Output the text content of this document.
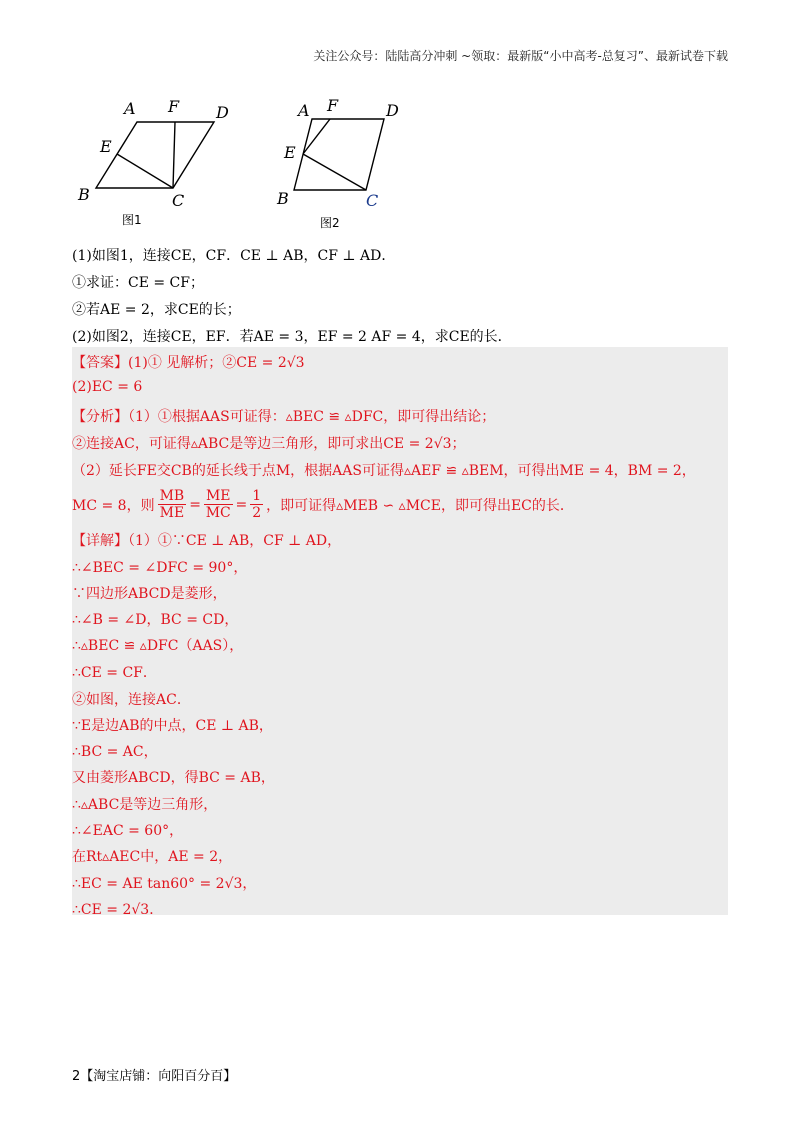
关注公众号：陆陆高分冲刺 ~领取：最新版“小中高考-总复习”、最新试卷下载
A F D
E
B	C
图1
A F	D
E
B	C
图2
(1)如图1，连接CE，CF．CE ⊥ AB，CF ⊥ AD．
①求证：CE = CF；
②若AE = 2，求CE的长；
(2)如图2，连接CE，EF．若AE = 3，EF = 2 AF = 4，求CE的长．
【答案】(1)① 见解析；②CE = 2√3
(2)EC = 6
【分析】（1）①根据AAS可证得：▵BEC ≌ ▵DFC，即可得出结论；
②连接AC，可证得▵ABC是等边三角形，即可求出CE = 2√3；
（2）延长FE交CB的延长线于点M，根据AAS可证得▵AEF ≌ ▵BEM，可得出ME = 4，BM = 2，
MC = 8，则 $\frac{MB}{ME} = \frac{ME}{MC} = \frac{1}{2}$ ，即可证得▵MEB ∽ ▵MCE，即可得出EC的长．
【详解】（1）①∵CE ⊥ AB，CF ⊥ AD，
∴∠BEC = ∠DFC = 90°，
∵四边形ABCD是菱形，
∴∠B = ∠D，BC = CD，
∴▵BEC ≌ ▵DFC（AAS），
∴CE = CF．
②如图，连接AC．
∵E是边AB的中点，CE ⊥ AB，
∴BC = AC，
又由菱形ABCD，得BC = AB，
∴▵ABC是等边三角形，
∴∠EAC = 60°，
在Rt▵AEC中，AE = 2，
∴EC = AE tan60° = 2√3，
∴CE = 2√3．
2【淘宝店铺：向阳百分百】
